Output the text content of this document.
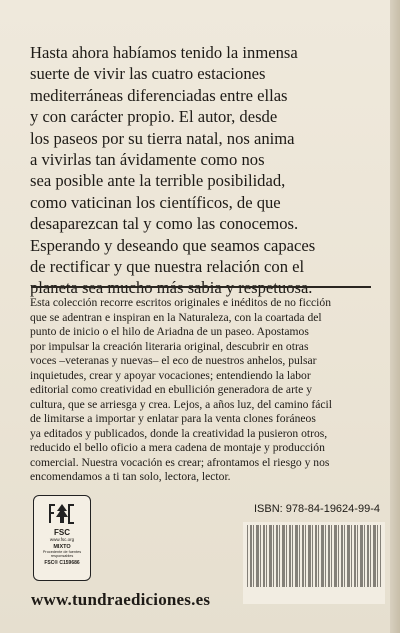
Hasta ahora habíamos tenido la inmensa
suerte de vivir las cuatro estaciones
mediterráneas diferenciadas entre ellas
y con carácter propio. El autor, desde
los paseos por su tierra natal, nos anima
a vivirlas tan ávidamente como nos
sea posible ante la terrible posibilidad,
como vaticinan los científicos, de que
desaparezcan tal y como las conocemos.
Esperando y deseando que seamos capaces
de rectificar y que nuestra relación con el

Esta colección recorre escritos originales e inéditos de no ficción
que se adentran e inspiran en la Naturaleza, con la coartada del
punto de inicio o el hilo de Ariadna de un paseo. Apostamos
por impulsar la creación literaria original, descubrir en otras
voces –veteranas y nuevas– el eco de nuestros anhelos, pulsar
inquietudes, crear y apoyar vocaciones; entendiendo la labor
editorial como creatividad en ebullición generadora de arte y
cultura, que se arriesga y crea. Lejos, a años luz, del camino fácil
de limitarse a importar y enlatar para la venta clones foráneos
ya editados y publicados, donde la creatividad la pusieron otros,
reducido el bello oficio a mera cadena de montaje y producción
comercial. Nuestra vocación es crear; afrontamos el riesgo y nos
encomendamos a ti tan solo, lectora, lector.

FSC
www.fsc.org
MIXTO
Procedente de fuentes responsables
FSC® C159686
ISBN: 978-84-19624-99-4
www.tundraediciones.es
